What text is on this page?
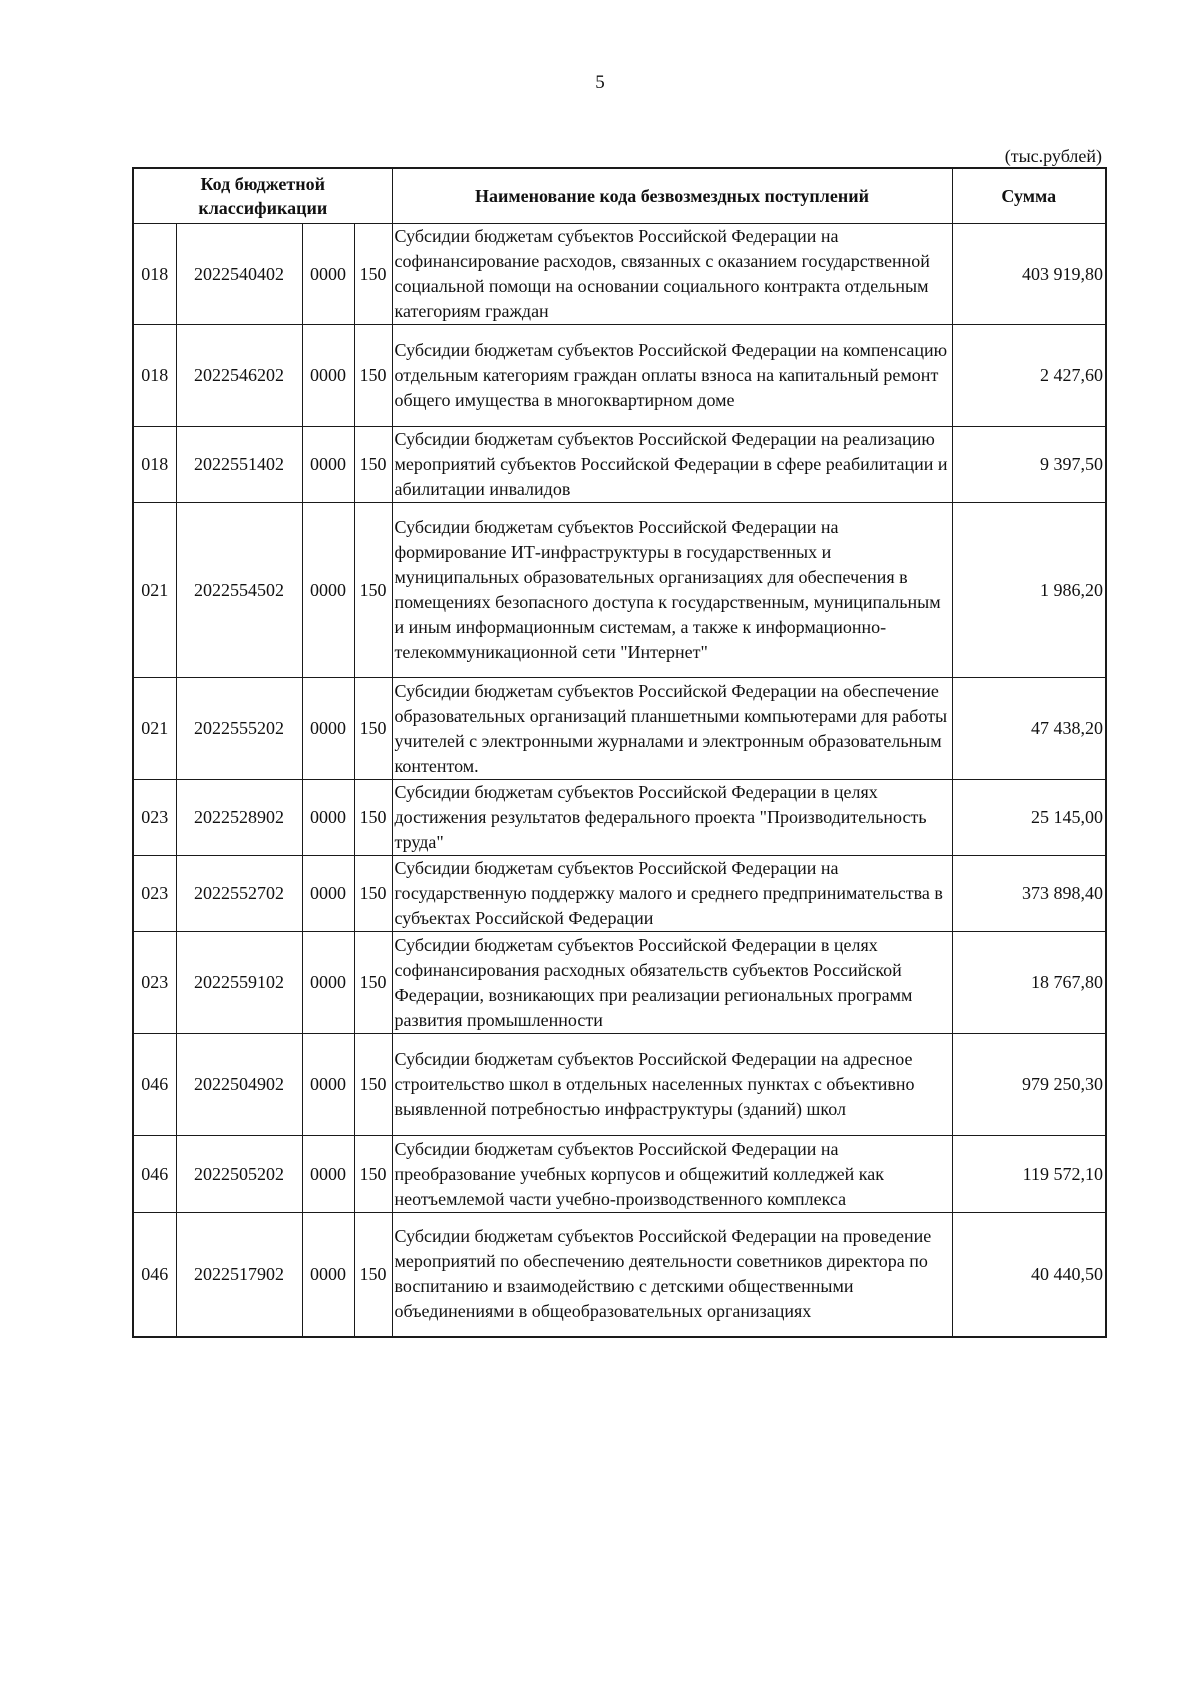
5
(тыс.рублей)
Код бюджетной классификации				Наименование кода безвозмездных поступлений	Сумма
018	2022540402	0000	150	Субсидии бюджетам субъектов Российской Федерации на софинансирование расходов, связанных с оказанием государственной социальной помощи на основании социального контракта отдельным категориям граждан	403 919,80
018	2022546202	0000	150	Субсидии бюджетам субъектов Российской Федерации на компенсацию отдельным категориям граждан оплаты взноса на капитальный ремонт общего имущества в многоквартирном доме	2 427,60
018	2022551402	0000	150	Субсидии бюджетам субъектов Российской Федерации на реализацию мероприятий субъектов Российской Федерации в сфере реабилитации и абилитации инвалидов	9 397,50
021	2022554502	0000	150	Субсидии бюджетам субъектов Российской Федерации на формирование ИТ-инфраструктуры в государственных и муниципальных образовательных организациях для обеспечения в помещениях безопасного доступа к государственным, муниципальным и иным информационным системам, а также к информационно-телекоммуникационной сети "Интернет"	1 986,20
021	2022555202	0000	150	Субсидии бюджетам субъектов Российской Федерации на обеспечение образовательных организаций планшетными компьютерами для работы учителей с электронными журналами и электронным образовательным контентом.	47 438,20
023	2022528902	0000	150	Субсидии бюджетам субъектов Российской Федерации в целях достижения результатов федерального проекта "Производительность труда"	25 145,00
023	2022552702	0000	150	Субсидии бюджетам субъектов Российской Федерации на государственную поддержку малого и среднего предпринимательства в субъектах Российской Федерации	373 898,40
023	2022559102	0000	150	Субсидии бюджетам субъектов Российской Федерации в целях софинансирования расходных обязательств субъектов Российской Федерации, возникающих при реализации региональных программ развития промышленности	18 767,80
046	2022504902	0000	150	Субсидии бюджетам субъектов Российской Федерации на адресное строительство школ в отдельных населенных пунктах с объективно выявленной потребностью инфраструктуры (зданий) школ	979 250,30
046	2022505202	0000	150	Субсидии бюджетам субъектов Российской Федерации на преобразование учебных корпусов и общежитий колледжей как неотъемлемой части учебно-производственного комплекса	119 572,10
046	2022517902	0000	150	Субсидии бюджетам субъектов Российской Федерации на проведение мероприятий по обеспечению деятельности советников директора по воспитанию и взаимодействию с детскими общественными объединениями в общеобразовательных организациях	40 440,50
